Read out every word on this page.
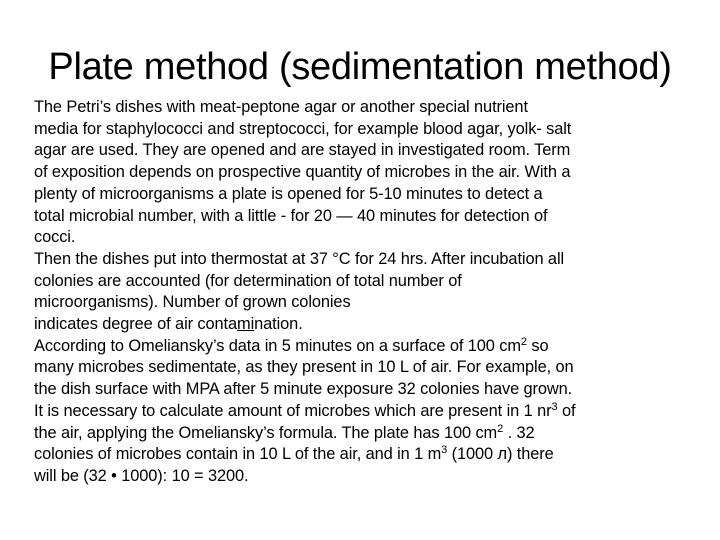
Plate method (sedimentation method)

The Petri’s dishes with meat-peptone agar or another special nutrient
media for staphylococci and streptococci, for example blood agar, yolk- salt
agar are used. They are opened and are stayed in investigated room. Term
of exposition depends on prospective quantity of microbes in the air. With a
plenty of microorganisms a plate is opened for 5-10 minutes to detect a
total microbial number, with a little - for 20 — 40 minutes for detection of
cocci.

Then the dishes put into thermostat at 37 °C for 24 hrs. After incubation all
colonies are accounted (for determination of total number of
microorganisms). Number of grown colonies
indicates degree of air contamination.

According to Omeliansky’s data in 5 minutes on a surface of 100 $cm^2$ so
many microbes sedimentate, as they present in 10 L of air. For example, on
the dish surface with MPA after 5 minute exposure 32 colonies have grown.
It is necessary to calculate amount of microbes which are present in 1 $nr^3$ of
the air, applying the Omeliansky’s formula. The plate has 100 $cm^2$ . 32
colonies of microbes contain in 10 L of the air, and in 1 $m^3$ (1000 л) there
will be (32 • 1000): 10 = 3200.
